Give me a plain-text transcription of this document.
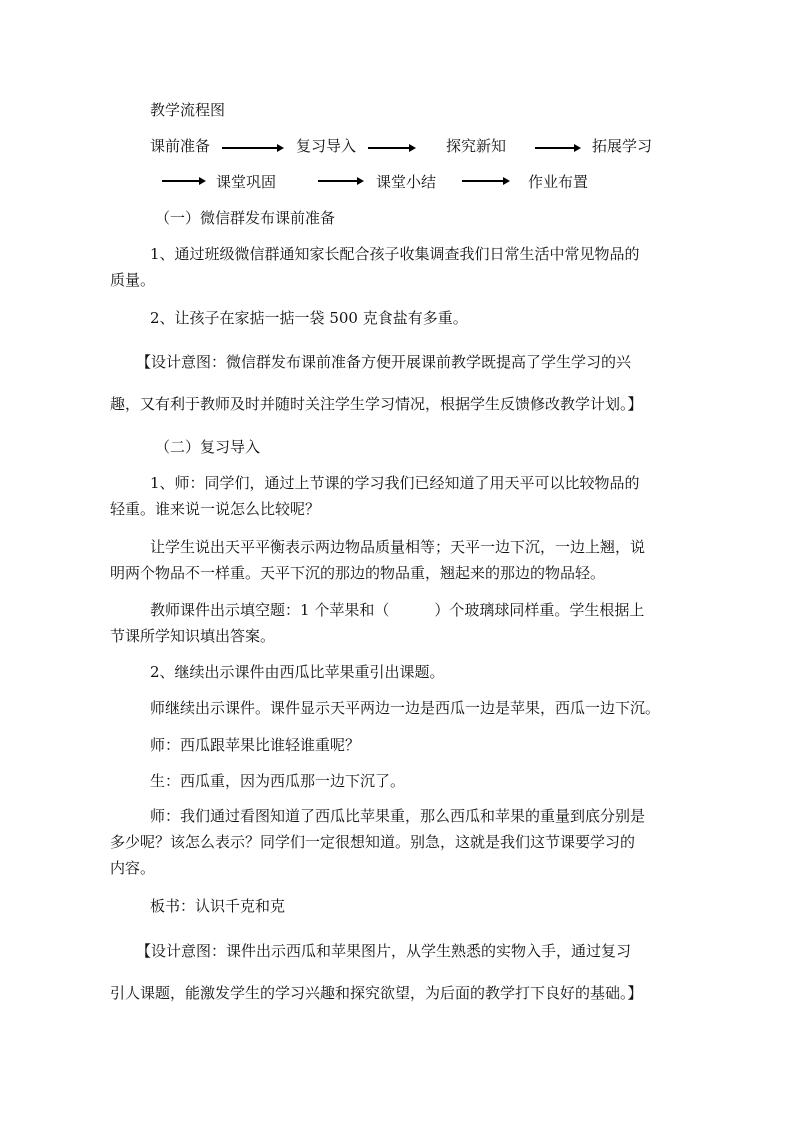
教学流程图
课前准备	复习导入	探究新知	拓展学习
课堂巩固	课堂小结	作业布置
（一）微信群发布课前准备
1、通过班级微信群通知家长配合孩子收集调查我们日常生活中常见物品的
质量。
2、让孩子在家掂一掂一袋 500 克食盐有多重。
【设计意图：微信群发布课前准备方便开展课前教学既提高了学生学习的兴
趣，又有利于教师及时并随时关注学生学习情况，根据学生反馈修改教学计划。】
（二）复习导入
1、师：同学们，通过上节课的学习我们已经知道了用天平可以比较物品的
轻重。谁来说一说怎么比较呢？
让学生说出天平平衡表示两边物品质量相等；天平一边下沉，一边上翘，说
明两个物品不一样重。天平下沉的那边的物品重，翘起来的那边的物品轻。
教师课件出示填空题：1 个苹果和（　　　）个玻璃球同样重。学生根据上
节课所学知识填出答案。
2、继续出示课件由西瓜比苹果重引出课题。
师继续出示课件。课件显示天平两边一边是西瓜一边是苹果，西瓜一边下沉。
师：西瓜跟苹果比谁轻谁重呢？
生：西瓜重，因为西瓜那一边下沉了。
师：我们通过看图知道了西瓜比苹果重，那么西瓜和苹果的重量到底分别是
多少呢？该怎么表示？同学们一定很想知道。别急，这就是我们这节课要学习的
内容。
板书：认识千克和克
【设计意图：课件出示西瓜和苹果图片，从学生熟悉的实物入手，通过复习
引人课题，能激发学生的学习兴趣和探究欲望，为后面的教学打下良好的基础。】
